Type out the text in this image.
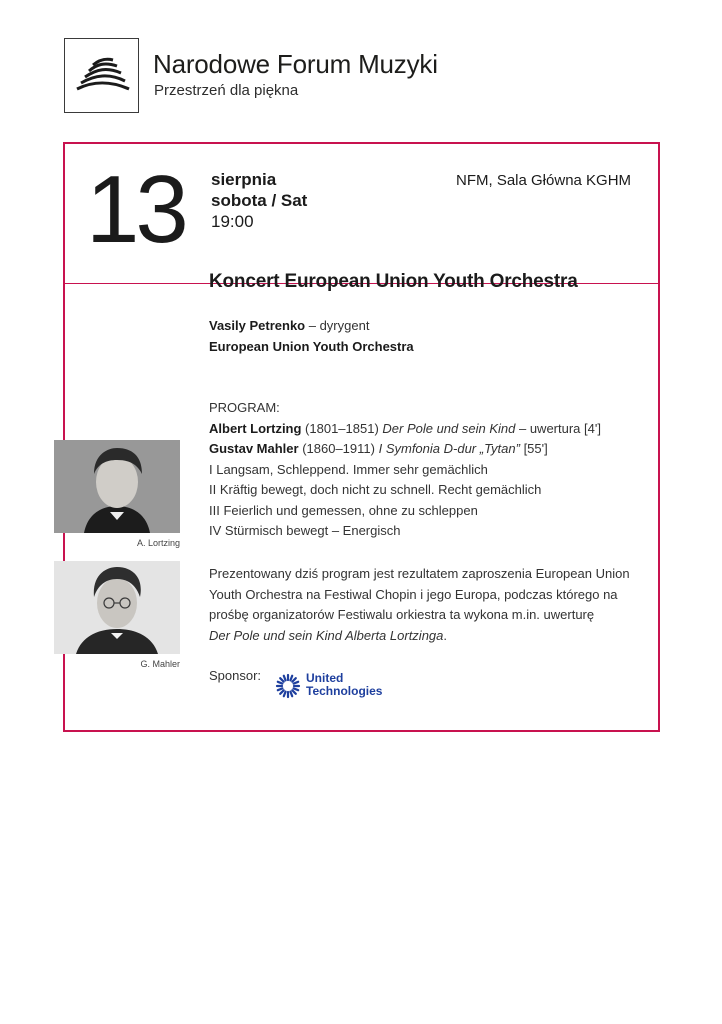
Narodowe Forum Muzyki
Przestrzeń dla piękna
13 sierpnia
sobota / Sat
19:00
NFM, Sala Główna KGHM
Koncert European Union Youth Orchestra
Vasily Petrenko – dyrygent
European Union Youth Orchestra
PROGRAM:
Albert Lortzing (1801–1851) Der Pole und sein Kind – uwertura [4']
Gustav Mahler (1860–1911) I Symfonia D-dur „Tytan” [55']
I Langsam, Schleppend. Immer sehr gemächlich
II Kräftig bewegt, doch nicht zu schnell. Recht gemächlich
III Feierlich und gemessen, ohne zu schleppen
IV Stürmisch bewegt – Energisch
Prezentowany dziś program jest rezultatem zaproszenia European Union
Youth Orchestra na Festiwal Chopin i jego Europa, podczas którego na
prośbę organizatorów Festiwalu orkiestra ta wykona m.in. uwerturę
Der Pole und sein Kind Alberta Lortzinga.
A. Lortzing
G. Mahler
Sponsor:	United
Technologies
